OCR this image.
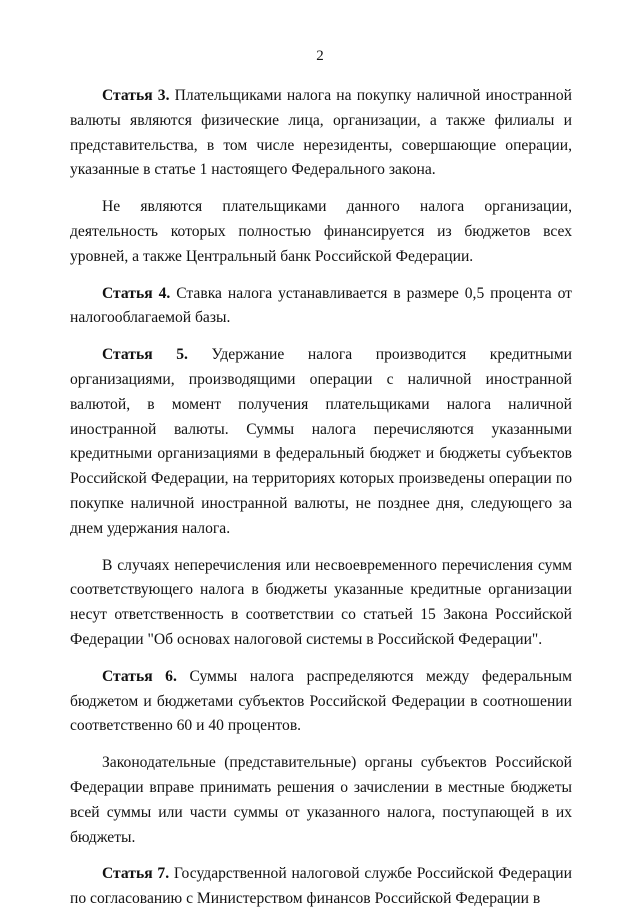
2

Статья 3. Плательщиками налога на покупку наличной иностранной валюты являются физические лица, организации, а также филиалы и представительства, в том числе нерезиденты, совершающие операции, указанные в статье 1 настоящего Федерального закона.

Не являются плательщиками данного налога организации, деятельность которых полностью финансируется из бюджетов всех уровней, а также Центральный банк Российской Федерации.

Статья 4. Ставка налога устанавливается в размере 0,5 процента от налогооблагаемой базы.

Статья 5. Удержание налога производится кредитными организациями, производящими операции с наличной иностранной валютой, в момент получения плательщиками налога наличной иностранной валюты. Суммы налога перечисляются указанными кредитными организациями в федеральный бюджет и бюджеты субъектов Российской Федерации, на территориях которых произведены операции по покупке наличной иностранной валюты, не позднее дня, следующего за днем удержания налога.

В случаях неперечисления или несвоевременного перечисления сумм соответствующего налога в бюджеты указанные кредитные организации несут ответственность в соответствии со статьей 15 Закона Российской Федерации "Об основах налоговой системы в Российской Федерации".

Статья 6. Суммы налога распределяются между федеральным бюджетом и бюджетами субъектов Российской Федерации в соотношении соответственно 60 и 40 процентов.

Законодательные (представительные) органы субъектов Российской Федерации вправе принимать решения о зачислении в местные бюджеты всей суммы или части суммы от указанного налога, поступающей в их бюджеты.

Статья 7. Государственной налоговой службе Российской Федерации по согласованию с Министерством финансов Российской Федерации в
